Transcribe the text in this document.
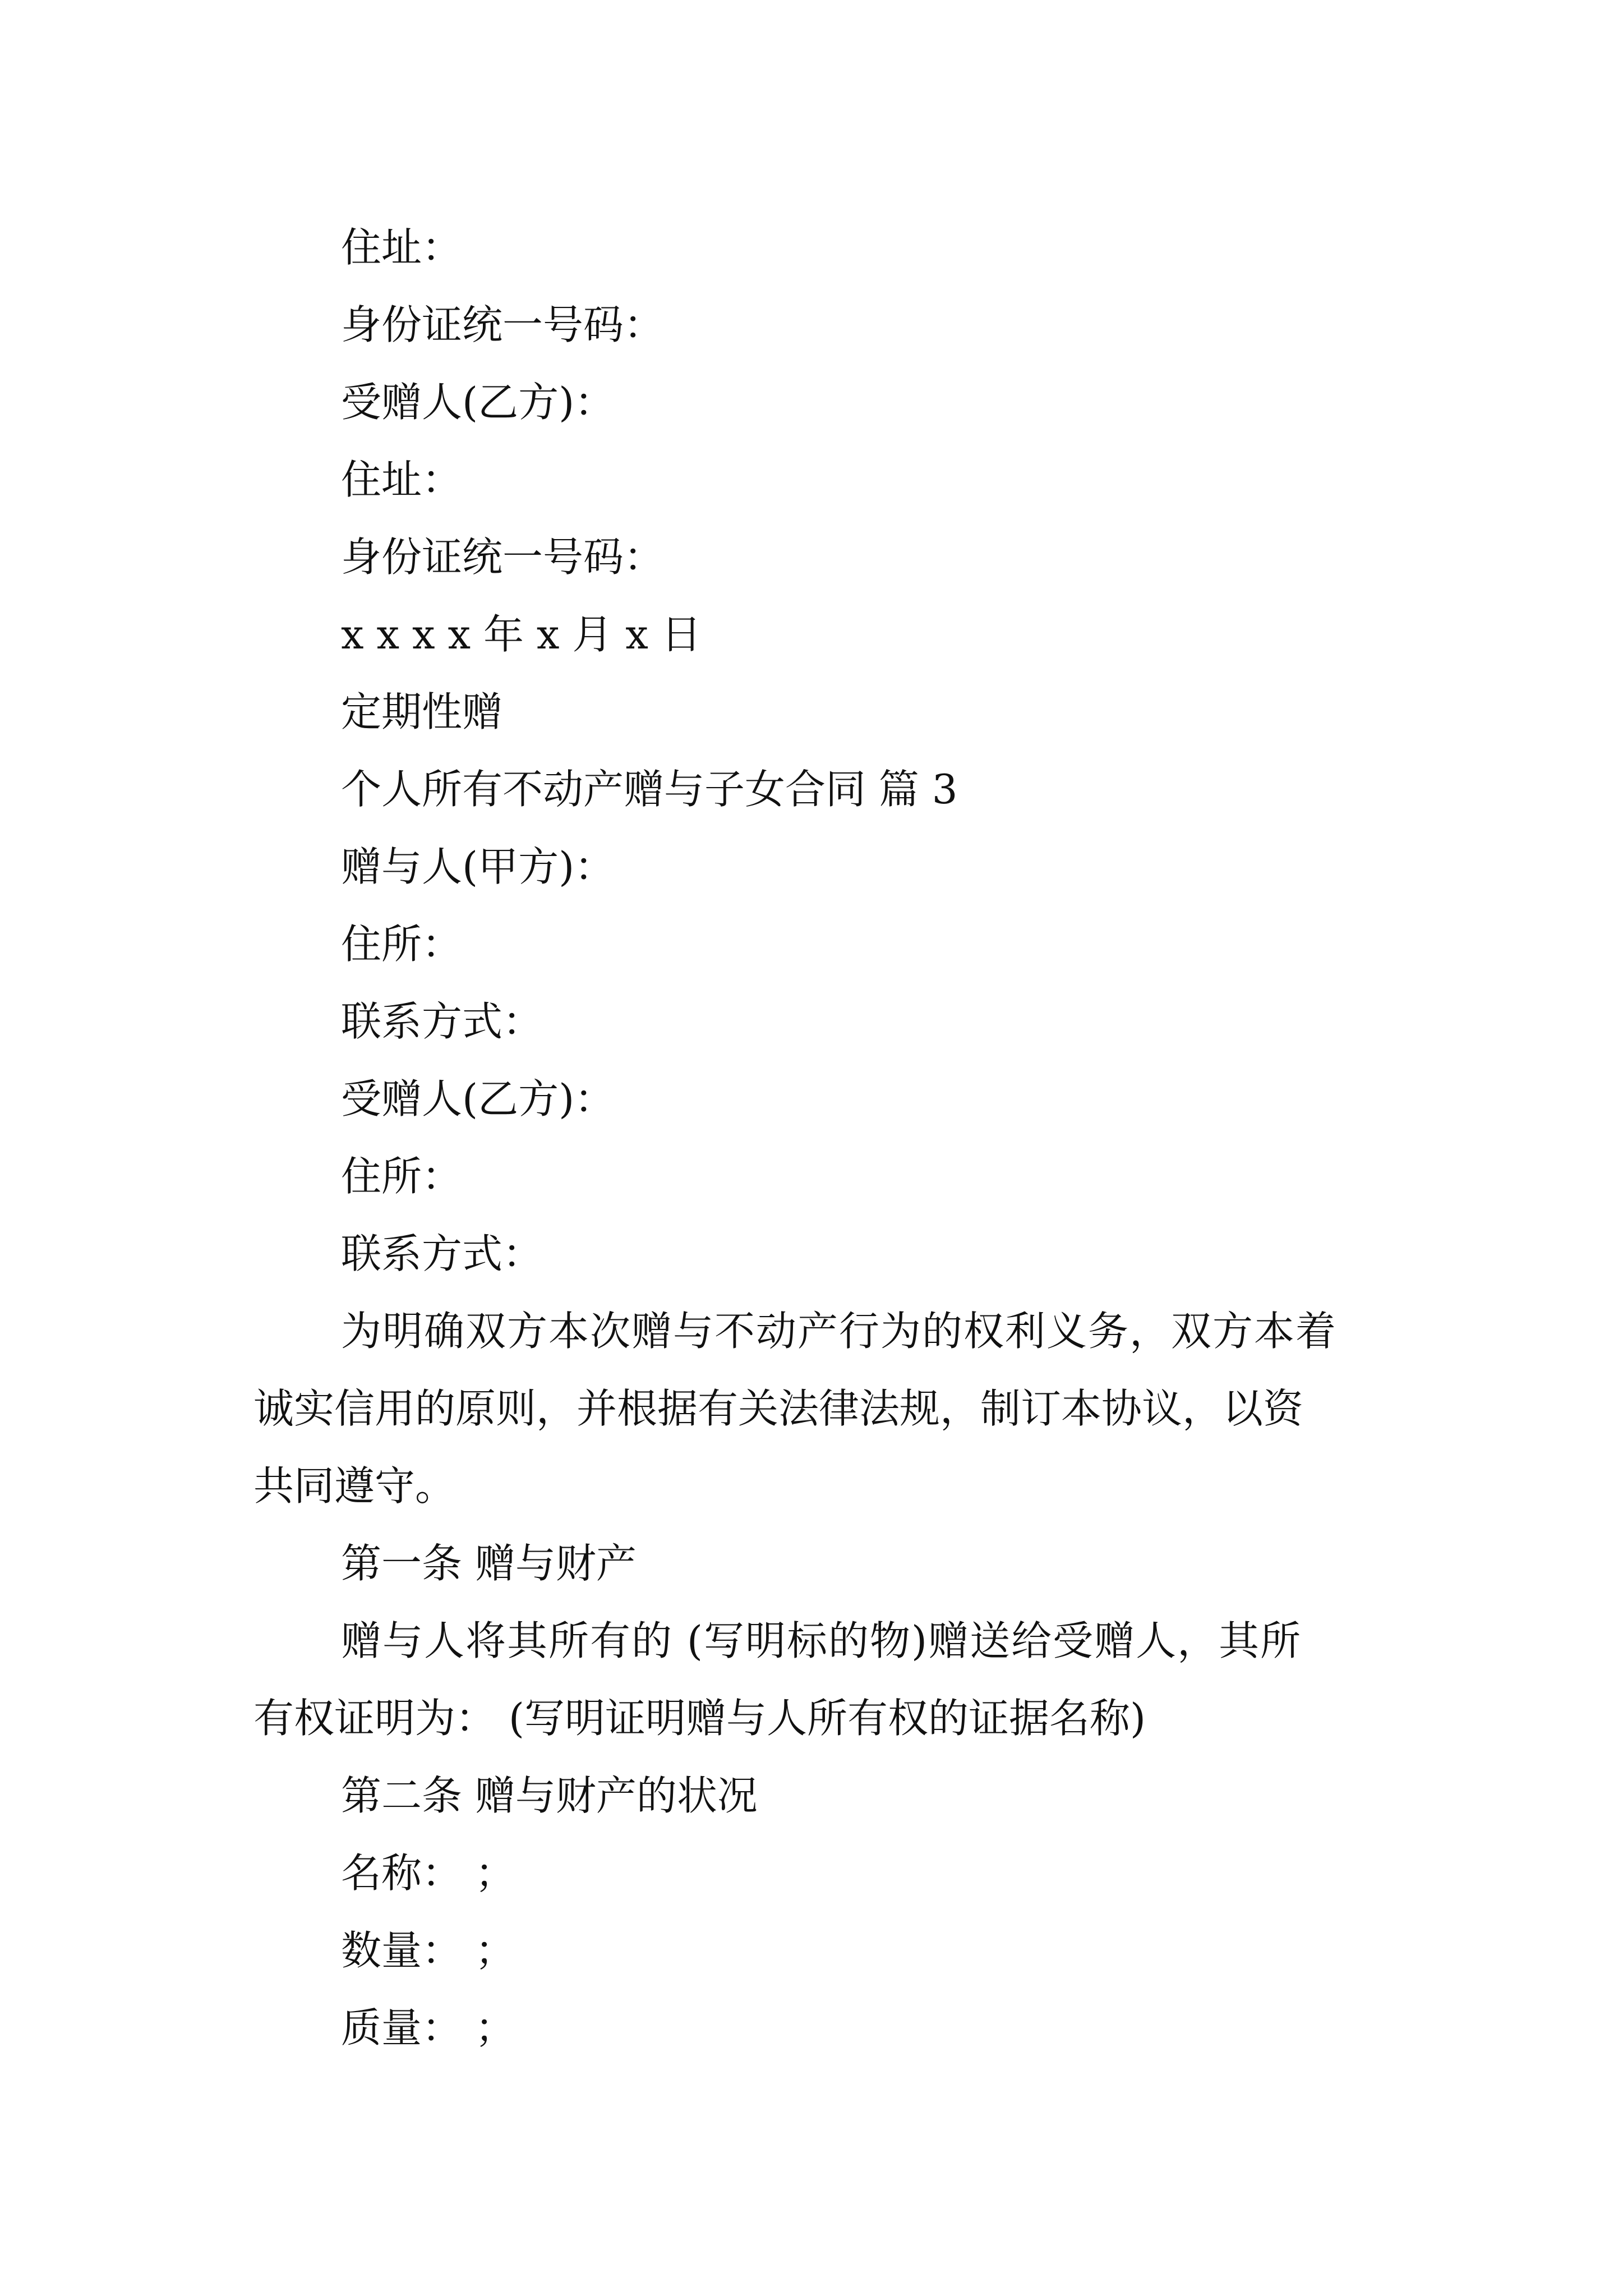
住址：
身份证统一号码：
受赠人(乙方)：
住址：
身份证统一号码：
x x x x 年 x 月 x 日
定期性赠
个人所有不动产赠与子女合同 篇 3
赠与人(甲方)：
住所：
联系方式：
受赠人(乙方)：
住所：
联系方式：
为明确双方本次赠与不动产行为的权利义务，双方本着
诚实信用的原则，并根据有关法律法规，制订本协议，以资
共同遵守。
第一条 赠与财产
赠与人将其所有的 (写明标的物)赠送给受赠人，其所
有权证明为： (写明证明赠与人所有权的证据名称)
第二条 赠与财产的状况
名称： ；
数量： ；
质量： ；
